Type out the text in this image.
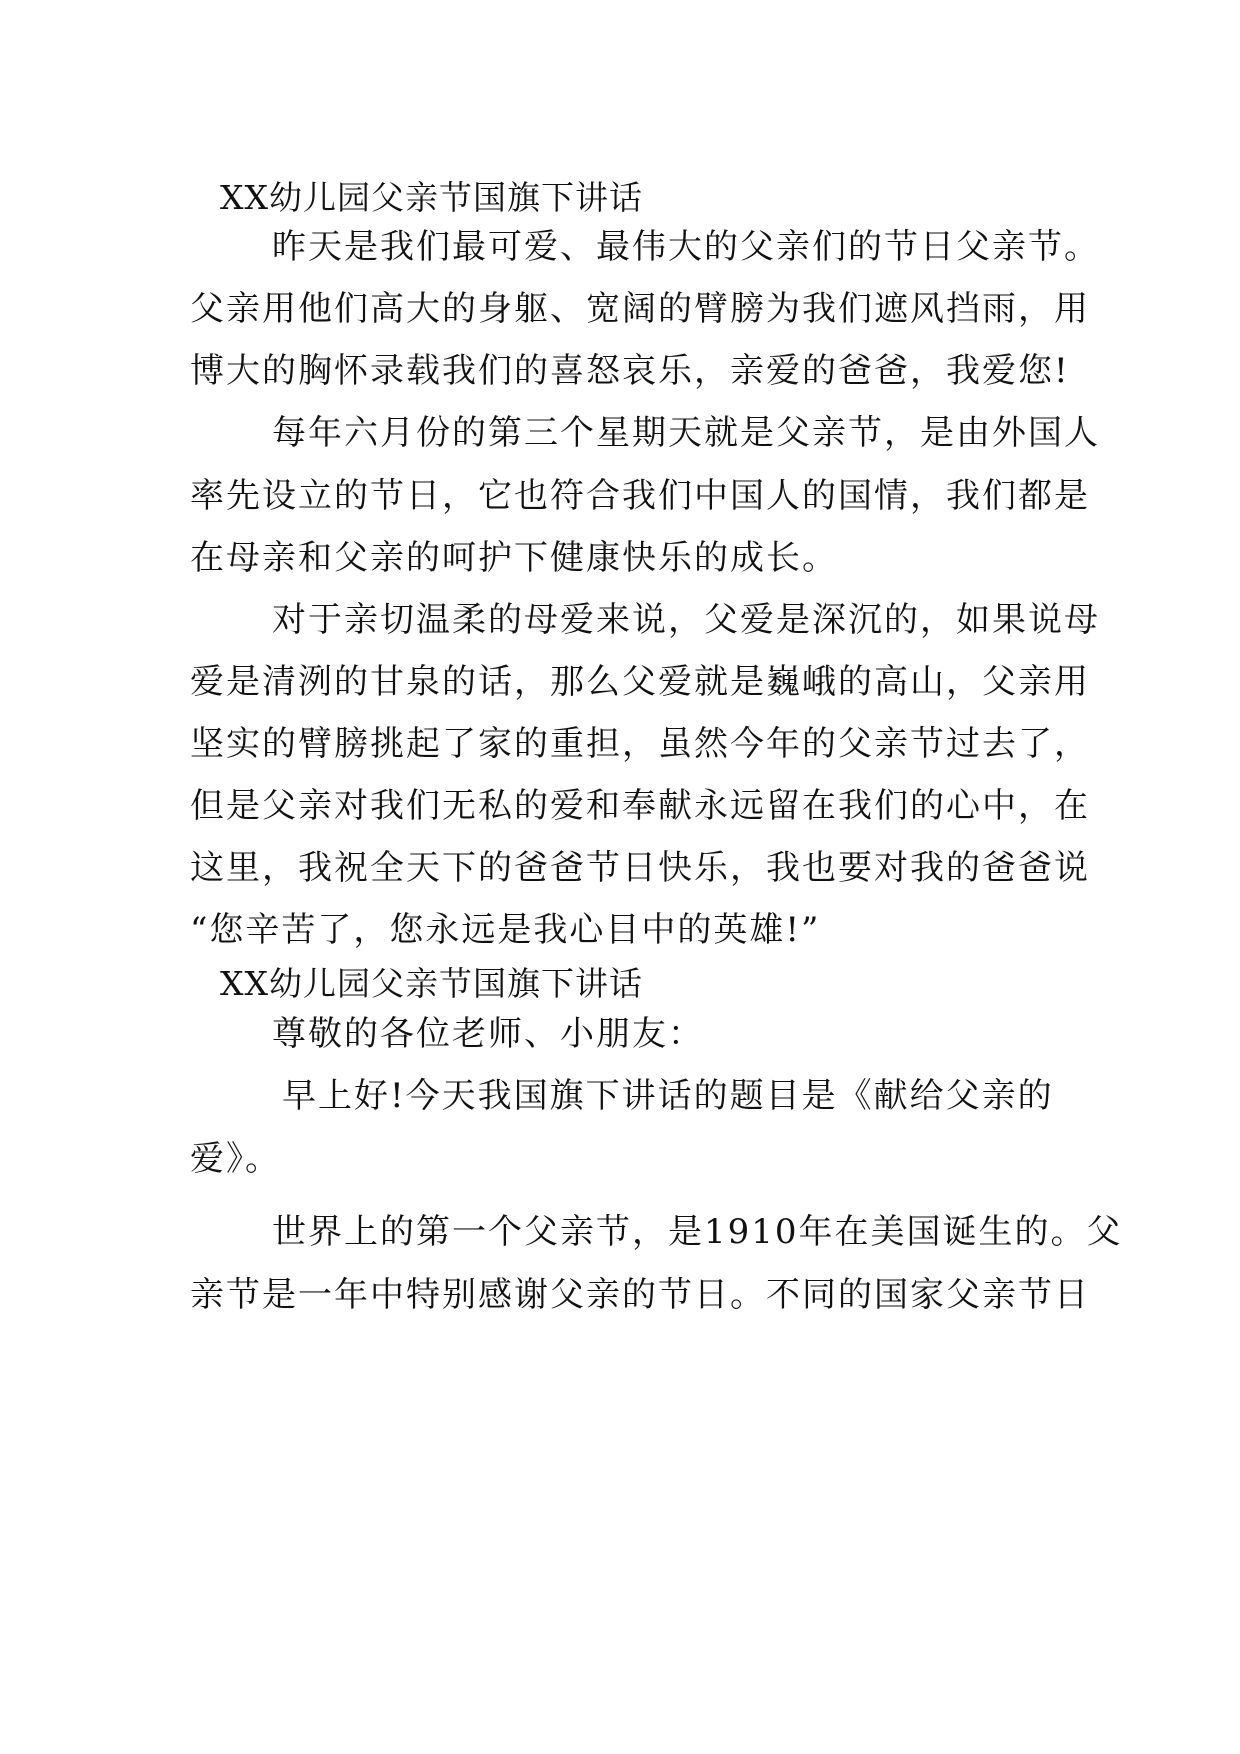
XX幼儿园父亲节国旗下讲话

昨天是我们最可爱、最伟大的父亲们的节日父亲节。

父亲用他们高大的身躯、宽阔的臂膀为我们遮风挡雨，用

博大的胸怀录载我们的喜怒哀乐，亲爱的爸爸，我爱您!

每年六月份的第三个星期天就是父亲节，是由外国人

率先设立的节日，它也符合我们中国人的国情，我们都是

在母亲和父亲的呵护下健康快乐的成长。

对于亲切温柔的母爱来说，父爱是深沉的，如果说母

爱是清洌的甘泉的话，那么父爱就是巍峨的高山，父亲用

坚实的臂膀挑起了家的重担，虽然今年的父亲节过去了，

但是父亲对我们无私的爱和奉献永远留在我们的心中，在

这里，我祝全天下的爸爸节日快乐，我也要对我的爸爸说

“您辛苦了，您永远是我心目中的英雄!”

XX幼儿园父亲节国旗下讲话

尊敬的各位老师、小朋友：

早上好!今天我国旗下讲话的题目是《献给父亲的

爱》。

世界上的第一个父亲节，是1910年在美国诞生的。父

亲节是一年中特别感谢父亲的节日。不同的国家父亲节日
